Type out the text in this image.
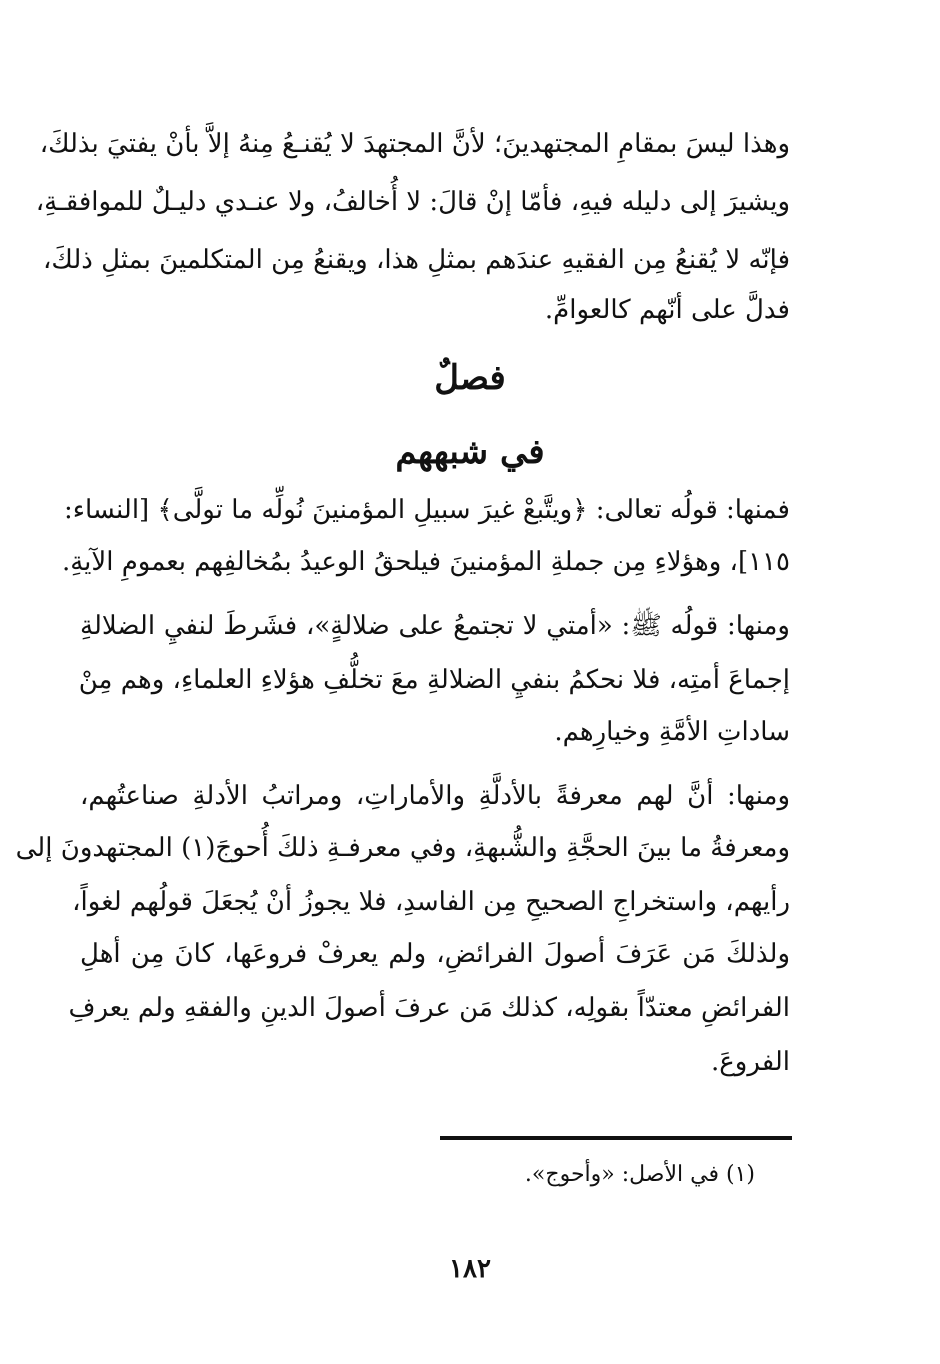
وهذا ليسَ بمقامِ المجتهدينَ؛ لأنَّ المجتهدَ لا يُقنـعُ مِنهُ إلاَّ بأنْ يفتيَ بذلكَ،
ويشيرَ إلى دليله فيهِ، فأمّا إنْ قالَ: لا أُخالفُ، ولا عنـدي دليـلٌ للموافقـةِ،
فإنّه لا يُقنعُ مِن الفقيهِ عندَهم بمثلِ هذا، ويقنعُ مِن المتكلمينَ بمثلِ ذلكَ،
فدلَّ على أنّهم كالعوامِّ.
فصلٌ
في شبههم
فمنها: قولُه تعالى: ﴿ويتَّبعْ غيرَ سبيلِ المؤمنينَ نُولِّه ما تولَّى﴾ [النساء:
١١٥]، وهؤلاءِ مِن جملةِ المؤمنينَ فيلحقُ الوعيدُ بمُخالفِهم بعمومِ الآيةِ.
ومنها: قولُه ﷺ: «أمتي لا تجتمعُ على ضلالةٍ»، فشَرطَ لنفيِ الضلالةِ
إجماعَ أمتِه، فلا نحكمُ بنفيِ الضلالةِ معَ تخلُّفِ هؤلاءِ العلماءِ، وهم مِنْ
ساداتِ الأمَّةِ وخيارِهم.
ومنها: أنَّ لهم معرفةً بالأدلَّةِ والأماراتِ، ومراتبُ الأدلةِ صناعتُهم،
ومعرفةُ ما بينَ الحجَّةِ والشُّبهةِ، وفي معرفـةِ ذلكَ أُحوجَ(١) المجتهدونَ إلى
رأيهم، واستخراجِ الصحيحِ مِن الفاسدِ، فلا يجوزُ أنْ يُجعَلَ قولُهم لغواً،
ولذلكَ مَن عَرَفَ أصولَ الفرائضِ، ولم يعرفْ فروعَها، كانَ مِن أهلِ
الفرائضِ معتدّاً بقولِه، كذلك مَن عرفَ أصولَ الدينِ والفقهِ ولم يعرفِ
الفروعَ.
(١) في الأصل: «وأحوج».
١٨٢
